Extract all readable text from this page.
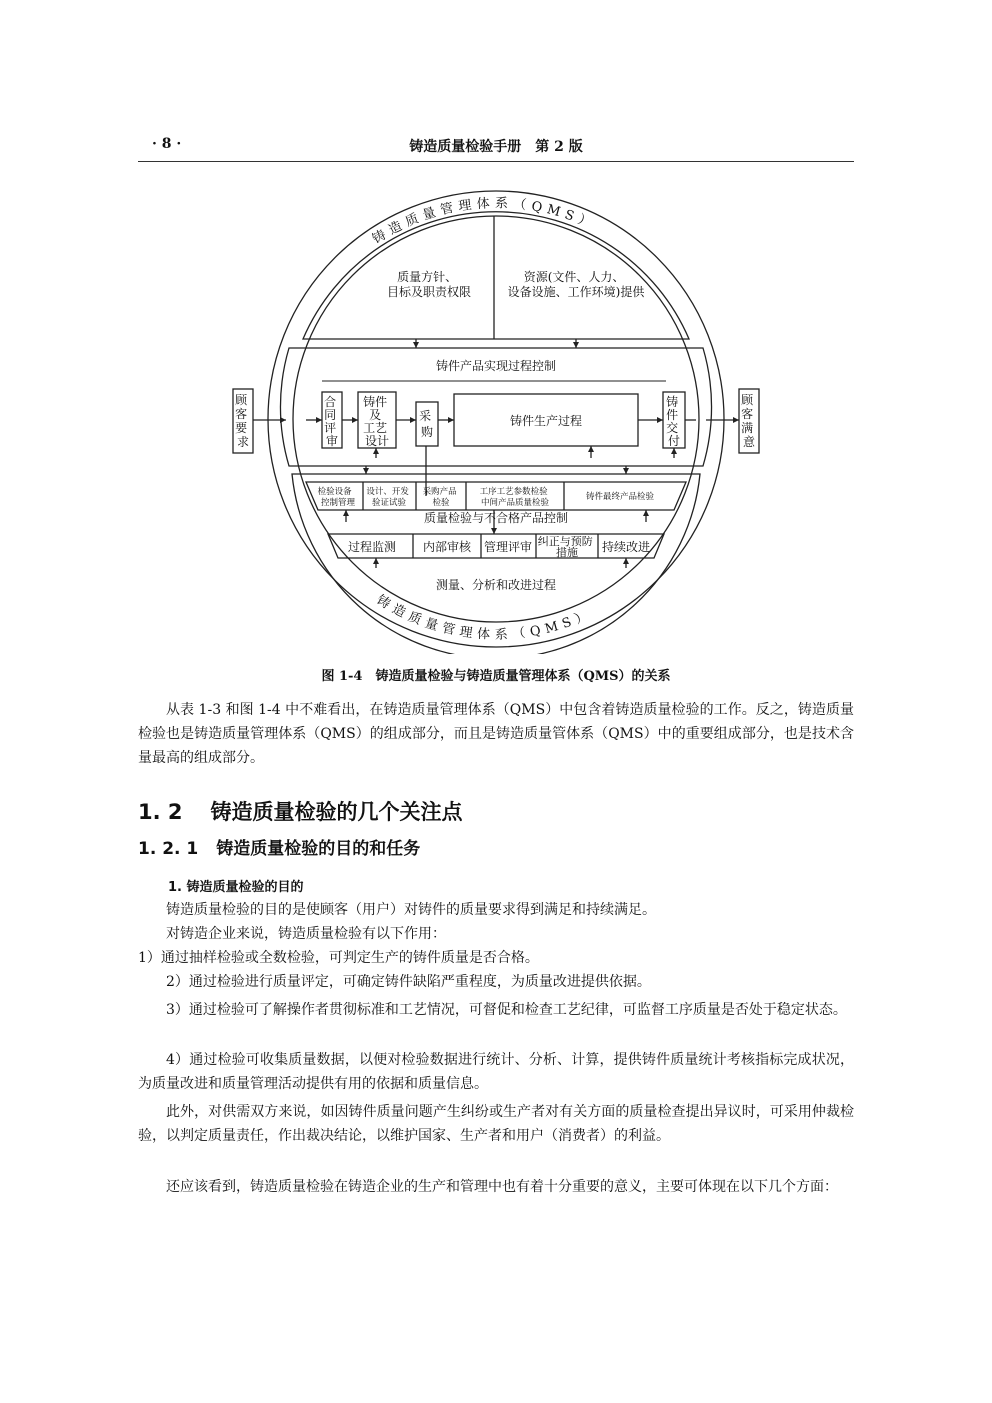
· 8 ·	铸造质量检验手册　第 2 版
铸造质量管理体系（QMS）
铸造质量管理体系（QMS）
质量方针、 目标及职责权限
资源(文件、人力、 设备设施、工作环境)提供
铸件产品实现过程控制
顾 客 要 求
顾 客 满 意
合 同 评 审
铸件 及 工艺 设计
采 购
铸件生产过程
铸 件 交 付
检验设备 控制管理
设计、开发 验证试验
采购产品 检验
工序工艺参数检验 中间产品质量检验
铸件最终产品检验
质量检验与不合格产品控制
过程监测 内部审核 管理评审 纠正与预防 措施	持续改进
测量、分析和改进过程
图 1-4　铸造质量检验与铸造质量管理体系（QMS）的关系

从表 1-3 和图 1-4 中不难看出，在铸造质量管理体系（QMS）中包含着铸造质量检验的工作。反之，铸造质量检验也是铸造质量管理体系（QMS）的组成部分，而且是铸造质量管体系（QMS）中的重要组成部分，也是技术含量最高的组成部分。

1. 2 铸造质量检验的几个关注点
1. 2. 1 铸造质量检验的目的和任务
1. 铸造质量检验的目的

铸造质量检验的目的是使顾客（用户）对铸件的质量要求得到满足和持续满足。

对铸造企业来说，铸造质量检验有以下作用：

1）通过抽样检验或全数检验，可判定生产的铸件质量是否合格。

2）通过检验进行质量评定，可确定铸件缺陷严重程度，为质量改进提供依据。

3）通过检验可了解操作者贯彻标准和工艺情况，可督促和检查工艺纪律，可监督工序质量是否处于稳定状态。

4）通过检验可收集质量数据，以便对检验数据进行统计、分析、计算，提供铸件质量统计考核指标完成状况，为质量改进和质量管理活动提供有用的依据和质量信息。

此外，对供需双方来说，如因铸件质量问题产生纠纷或生产者对有关方面的质量检查提出异议时，可采用仲裁检验，以判定质量责任，作出裁决结论，以维护国家、生产者和用户（消费者）的利益。

还应该看到，铸造质量检验在铸造企业的生产和管理中也有着十分重要的意义，主要可体现在以下几个方面：
